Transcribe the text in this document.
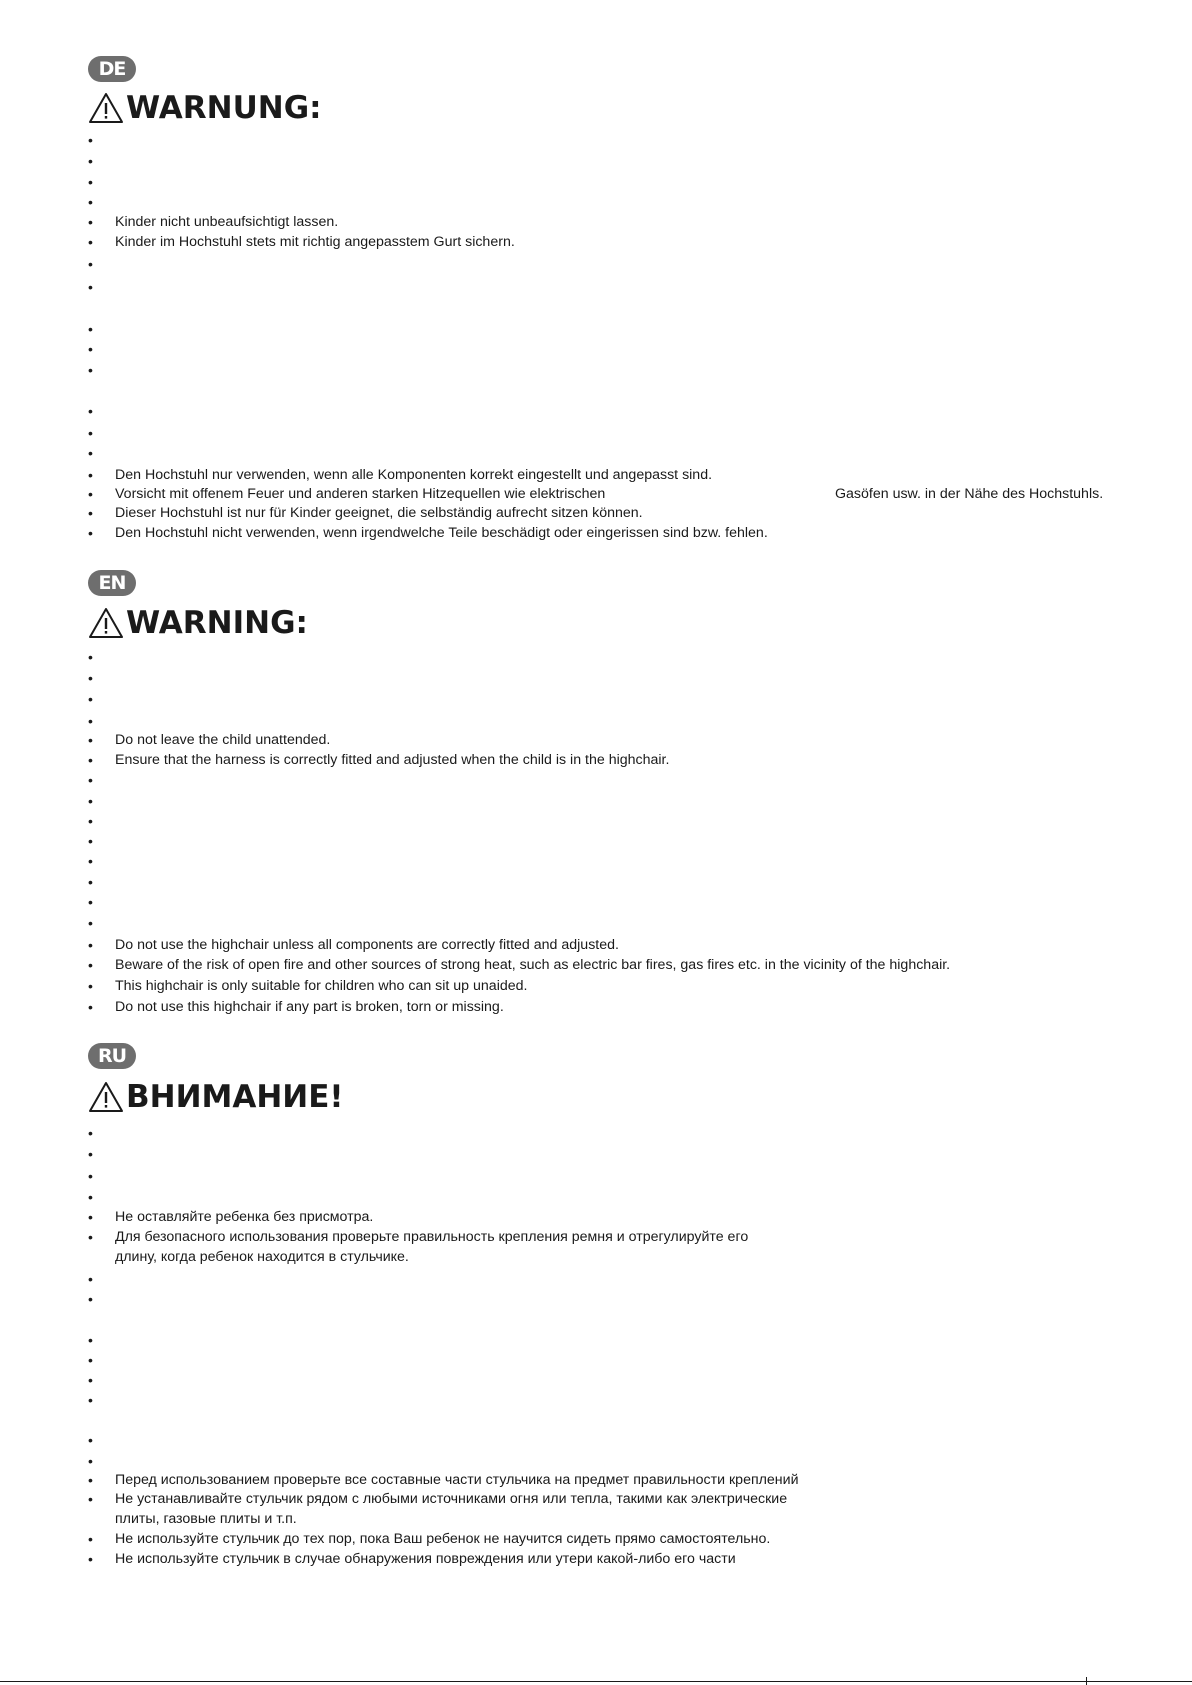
DE
WARNUNG:
•
•
•
•
•	Kinder nicht unbeaufsichtigt lassen.
•	Kinder im Hochstuhl stets mit richtig angepasstem Gurt sichern.
•
•
•
•
•
•
•
•
•	Den Hochstuhl nur verwenden, wenn alle Komponenten korrekt eingestellt und angepasst sind.
•	Vorsicht mit offenem Feuer und anderen starken Hitzequellen wie elektrischen	Gasöfen usw. in der Nähe des Hochstuhls.
•	Dieser Hochstuhl ist nur für Kinder geeignet, die selbständig aufrecht sitzen können.
•	Den Hochstuhl nicht verwenden, wenn irgendwelche Teile beschädigt oder eingerissen sind bzw. fehlen.
EN
WARNING:
•
•
•
•
•	Do not leave the child unattended.
•	Ensure that the harness is correctly fitted and adjusted when the child is in the highchair.
•
•
•
•
•
•
•
•
•	Do not use the highchair unless all components are correctly fitted and adjusted.
•	Beware of the risk of open fire and other sources of strong heat, such as electric bar fires, gas fires etc. in the vicinity of the highchair.
•	This highchair is only suitable for children who can sit up unaided.
•	Do not use this highchair if any part is broken, torn or missing.
RU
ВНИМАНИЕ!
•
•
•
•
•	Не оставляйте ребенка без присмотра.
•	Для безопасного использования проверьте правильность крепления ремня и отрегулируйте его
длину, когда ребенок находится в стульчике.
•
•
•
•
•
•
•
•
•	Перед использованием проверьте все составные части стульчика на предмет правильности креплений
•	Не устанавливайте стульчик рядом с любыми источниками огня или тепла, такими как электрические
плиты, газовые плиты и т.п.
•	Не используйте стульчик до тех пор, пока Ваш ребенок не научится сидеть прямо самостоятельно.
•	Не используйте стульчик в случае обнаружения повреждения или утери какой-либо его части
